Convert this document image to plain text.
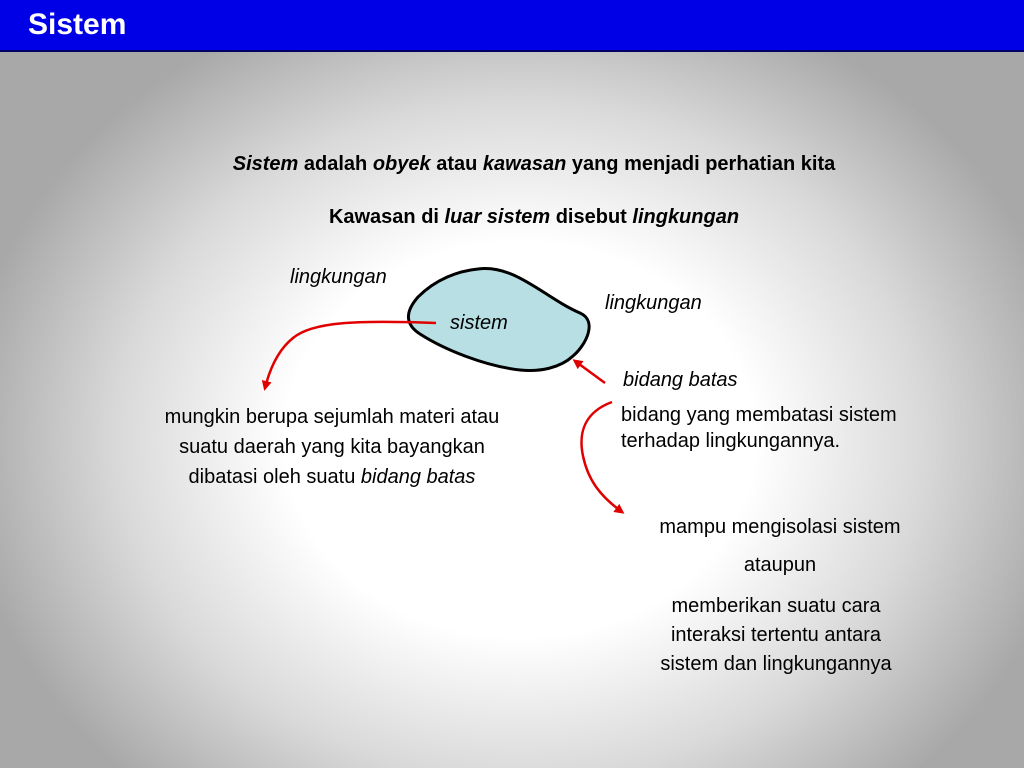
Sistem
Sistem adalah obyek atau kawasan yang menjadi perhatian kita
Kawasan di luar sistem disebut lingkungan
lingkungan
lingkungan
sistem
bidang batas
bidang yang membatasi sistem
terhadap lingkungannya.
mungkin berupa sejumlah materi atau
suatu daerah yang kita bayangkan
dibatasi oleh suatu bidang batas
mampu mengisolasi sistem
ataupun
memberikan suatu cara
interaksi tertentu antara
sistem dan lingkungannya
